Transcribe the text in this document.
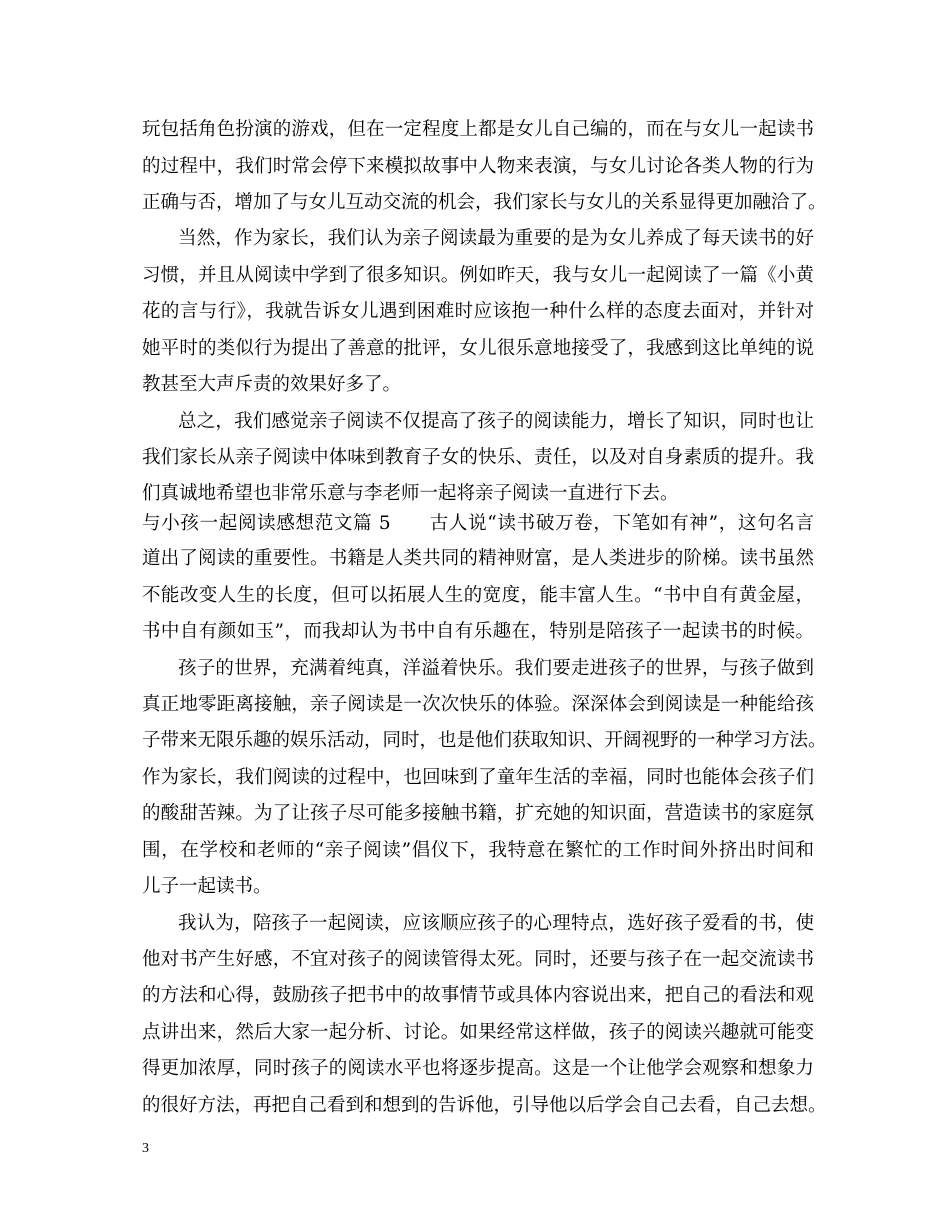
玩包括角色扮演的游戏，但在一定程度上都是女儿自己编的，而在与女儿一起读书
的过程中，我们时常会停下来模拟故事中人物来表演，与女儿讨论各类人物的行为
正确与否，增加了与女儿互动交流的机会，我们家长与女儿的关系显得更加融洽了。
当然，作为家长，我们认为亲子阅读最为重要的是为女儿养成了每天读书的好
习惯，并且从阅读中学到了很多知识。例如昨天，我与女儿一起阅读了一篇《小黄
花的言与行》，我就告诉女儿遇到困难时应该抱一种什么样的态度去面对，并针对
她平时的类似行为提出了善意的批评，女儿很乐意地接受了，我感到这比单纯的说
教甚至大声斥责的效果好多了。
总之，我们感觉亲子阅读不仅提高了孩子的阅读能力，增长了知识，同时也让
我们家长从亲子阅读中体味到教育子女的快乐、责任，以及对自身素质的提升。我
们真诚地希望也非常乐意与李老师一起将亲子阅读一直进行下去。
与小孩一起阅读感想范文篇 5　　古人说“读书破万卷，下笔如有神”，这句名言
道出了阅读的重要性。书籍是人类共同的精神财富，是人类进步的阶梯。读书虽然
不能改变人生的长度，但可以拓展人生的宽度，能丰富人生。“书中自有黄金屋，
书中自有颜如玉”，而我却认为书中自有乐趣在，特别是陪孩子一起读书的时候。
孩子的世界，充满着纯真，洋溢着快乐。我们要走进孩子的世界，与孩子做到
真正地零距离接触，亲子阅读是一次次快乐的体验。深深体会到阅读是一种能给孩
子带来无限乐趣的娱乐活动，同时，也是他们获取知识、开阔视野的一种学习方法。
作为家长，我们阅读的过程中，也回味到了童年生活的幸福，同时也能体会孩子们
的酸甜苦辣。为了让孩子尽可能多接触书籍，扩充她的知识面，营造读书的家庭氛
围，在学校和老师的“亲子阅读”倡仪下，我特意在繁忙的工作时间外挤出时间和
儿子一起读书。
我认为，陪孩子一起阅读，应该顺应孩子的心理特点，选好孩子爱看的书，使
他对书产生好感，不宜对孩子的阅读管得太死。同时，还要与孩子在一起交流读书
的方法和心得，鼓励孩子把书中的故事情节或具体内容说出来，把自己的看法和观
点讲出来，然后大家一起分析、讨论。如果经常这样做，孩子的阅读兴趣就可能变
得更加浓厚，同时孩子的阅读水平也将逐步提高。这是一个让他学会观察和想象力
的很好方法，再把自己看到和想到的告诉他，引导他以后学会自己去看，自己去想。
3
